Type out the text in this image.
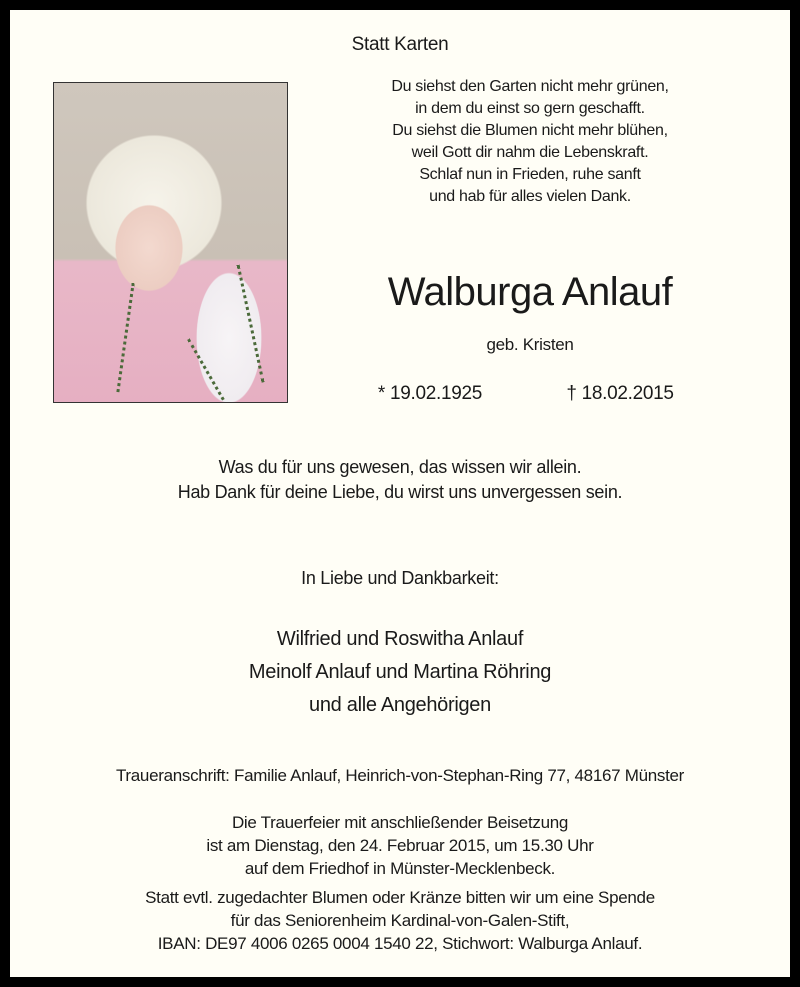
Statt Karten
Du siehst den Garten nicht mehr grünen,
in dem du einst so gern geschafft.
Du siehst die Blumen nicht mehr blühen,
weil Gott dir nahm die Lebenskraft.
Schlaf nun in Frieden, ruhe sanft
und hab für alles vielen Dank.
Walburga Anlauf
geb. Kristen
* 19.02.1925	† 18.02.2015
Was du für uns gewesen, das wissen wir allein.
Hab Dank für deine Liebe, du wirst uns unvergessen sein.
In Liebe und Dankbarkeit:
Wilfried und Roswitha Anlauf
Meinolf Anlauf und Martina Röhring
und alle Angehörigen
Traueranschrift: Familie Anlauf, Heinrich-von-Stephan-Ring 77, 48167 Münster
Die Trauerfeier mit anschließender Beisetzung
ist am Dienstag, den 24. Februar 2015, um 15.30 Uhr
auf dem Friedhof in Münster-Mecklenbeck.
Statt evtl. zugedachter Blumen oder Kränze bitten wir um eine Spende
für das Seniorenheim Kardinal-von-Galen-Stift,
IBAN: DE97 4006 0265 0004 1540 22, Stichwort: Walburga Anlauf.
